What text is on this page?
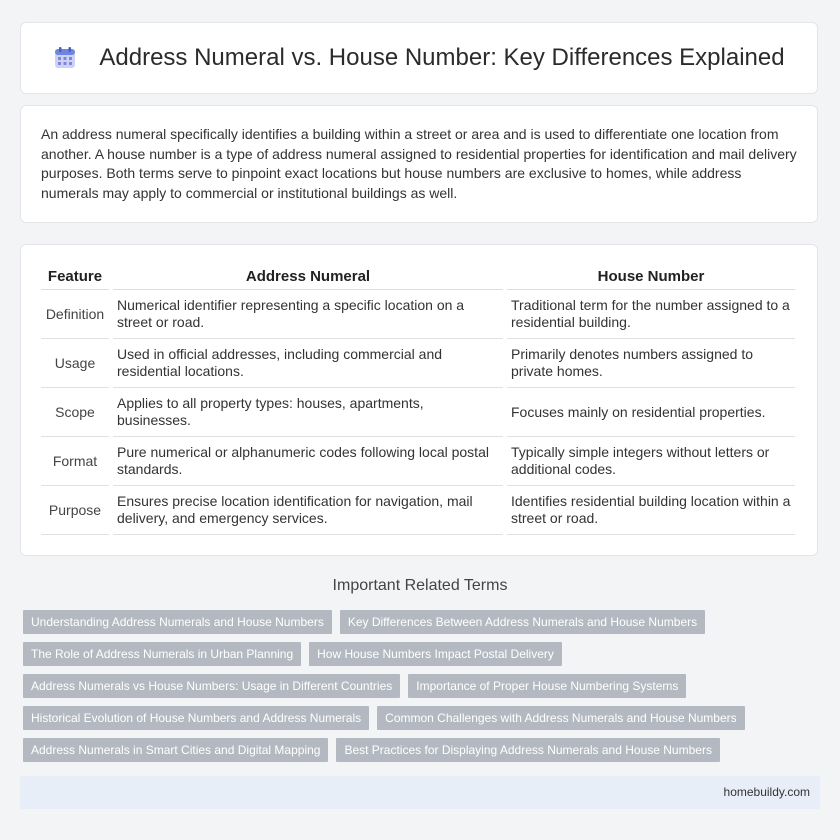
Address Numeral vs. House Number: Key Differences Explained

An address numeral specifically identifies a building within a street or area and is used to differentiate one location from another. A house number is a type of address numeral assigned to residential properties for identification and mail delivery purposes. Both terms serve to pinpoint exact locations but house numbers are exclusive to homes, while address numerals may apply to commercial or institutional buildings as well.

Feature	Address Numeral	House Number
Definition	Numerical identifier representing a specific location on a street or road.	Traditional term for the number assigned to a residential building.
Usage	Used in official addresses, including commercial and residential locations.	Primarily denotes numbers assigned to private homes.
Scope	Applies to all property types: houses, apartments, businesses.	Focuses mainly on residential properties.
Format	Pure numerical or alphanumeric codes following local postal standards.	Typically simple integers without letters or additional codes.
Purpose	Ensures precise location identification for navigation, mail delivery, and emergency services.	Identifies residential building location within a street or road.
Important Related Terms
Understanding Address Numerals and House Numbers	Key Differences Between Address Numerals and House Numbers
The Role of Address Numerals in Urban Planning	How House Numbers Impact Postal Delivery
Address Numerals vs House Numbers: Usage in Different Countries	Importance of Proper House Numbering Systems
Historical Evolution of House Numbers and Address Numerals	Common Challenges with Address Numerals and House Numbers
Address Numerals in Smart Cities and Digital Mapping	Best Practices for Displaying Address Numerals and House Numbers
homebuildy.com
